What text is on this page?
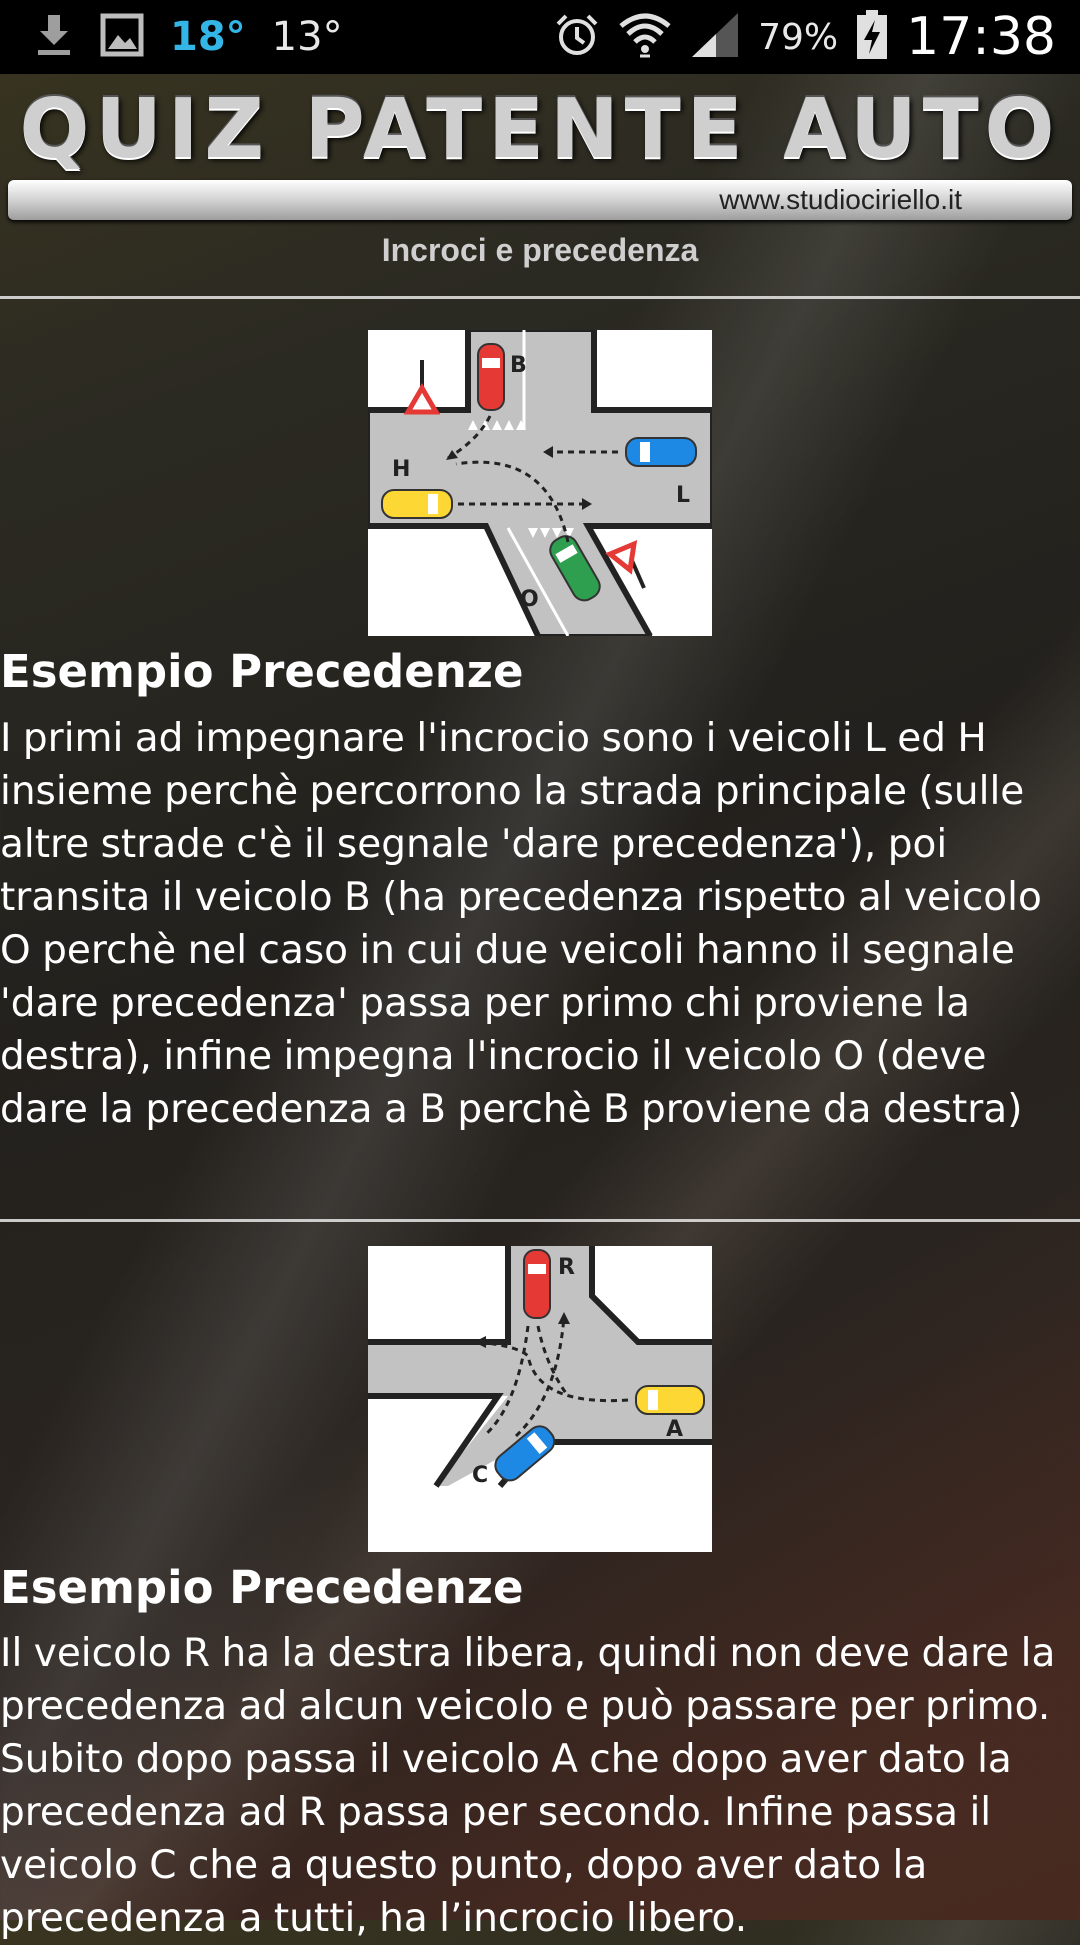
18° 13°	79% 17:38
QUIZ PATENTE AUTO
www.studiociriello.it
Incroci e precedenza
B
H
L
O
Esempio Precedenze
I primi ad impegnare l'incrocio sono i veicoli L ed H insieme perchè percorrono la strada principale (sulle altre strade c'è il segnale 'dare precedenza'), poi transita il veicolo B (ha precedenza rispetto al veicolo O perchè nel caso in cui due veicoli hanno il segnale 'dare precedenza' passa per primo chi proviene la destra), infine impegna l'incrocio il veicolo O (deve dare la precedenza a B perchè B proviene da destra)
R
A
C
Esempio Precedenze
Il veicolo R ha la destra libera, quindi non deve dare la precedenza ad alcun veicolo e può passare per primo. Subito dopo passa il veicolo A che dopo aver dato la precedenza ad R passa per secondo. Infine passa il veicolo C che a questo punto, dopo aver dato la precedenza a tutti, ha l’incrocio libero.
